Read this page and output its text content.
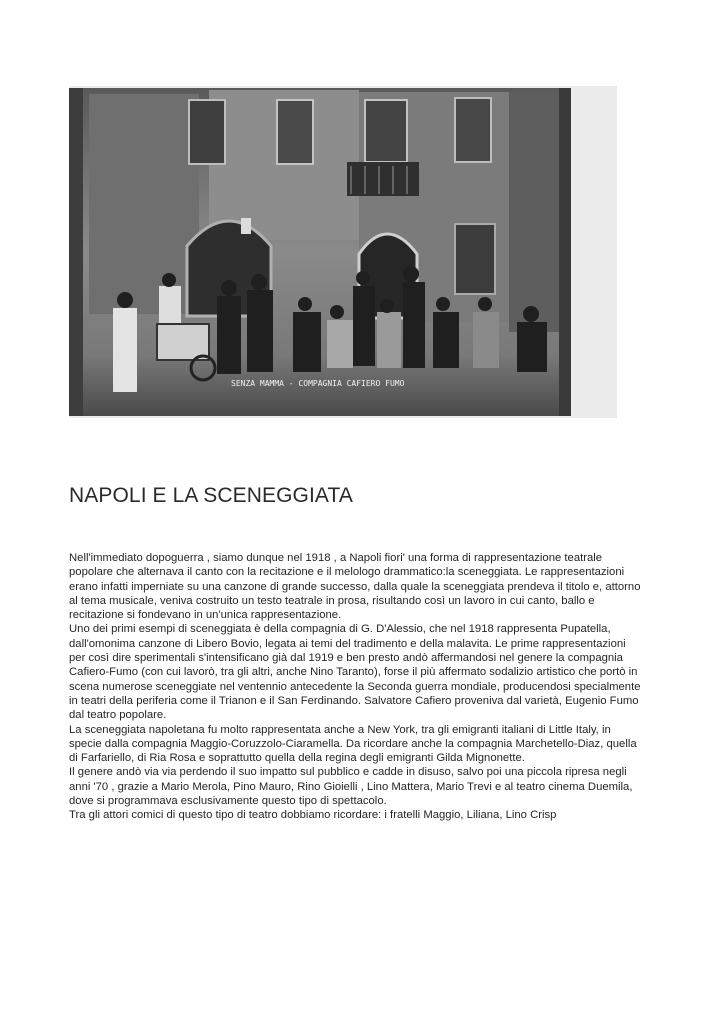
SENZA MAMMA - COMPAGNIA CAFIERO FUMO
NAPOLI E LA SCENEGGIATA

Nell'immediato dopoguerra , siamo dunque nel 1918 , a Napoli fiori' una forma di rappresentazione teatrale

popolare che alternava il canto con la recitazione e il melologo drammatico:la sceneggiata. Le rappresentazioni

erano infatti imperniate su una canzone di grande successo, dalla quale la sceneggiata prendeva il titolo e, attorno

al tema musicale, veniva costruito un testo teatrale in prosa, risultando così un lavoro in cui canto, ballo e

recitazione si fondevano in un'unica rappresentazione.

Uno dei primi esempi di sceneggiata è della compagnia di G. D'Alessio, che nel 1918 rappresenta Pupatella,

dall'omonima canzone di Libero Bovio, legata ai temi del tradimento e della malavita. Le prime rappresentazioni

per così dire sperimentali s'intensificano già dal 1919 e ben presto andò affermandosi nel genere la compagnia

Cafiero-Fumo (con cui lavorò, tra gli altri, anche Nino Taranto), forse il più affermato sodalizio artistico che portò in

scena numerose sceneggiate nel ventennio antecedente la Seconda guerra mondiale, producendosi specialmente

in teatri della periferia come il Trianon e il San Ferdinando. Salvatore Cafiero proveniva dal varietà, Eugenio Fumo

dal teatro popolare.

La sceneggiata napoletana fu molto rappresentata anche a New York, tra gli emigranti italiani di Little Italy, in

specie dalla compagnia Maggio-Coruzzolo-Ciaramella. Da ricordare anche la compagnia Marchetello-Diaz, quella

di Farfariello, di Ria Rosa e soprattutto quella della regina degli emigranti Gilda Mignonette.

Il genere andò via via perdendo il suo impatto sul pubblico e cadde in disuso, salvo poi una piccola ripresa negli

anni '70 , grazie a Mario Merola, Pino Mauro, Rino Gioielli , Lino Mattera, Mario Trevi e al teatro cinema Duemila,

dove si programmava esclusivamente questo tipo di spettacolo.

Tra gli attori comici di questo tipo di teatro dobbiamo ricordare: i fratelli Maggio, Liliana, Lino Crisp
